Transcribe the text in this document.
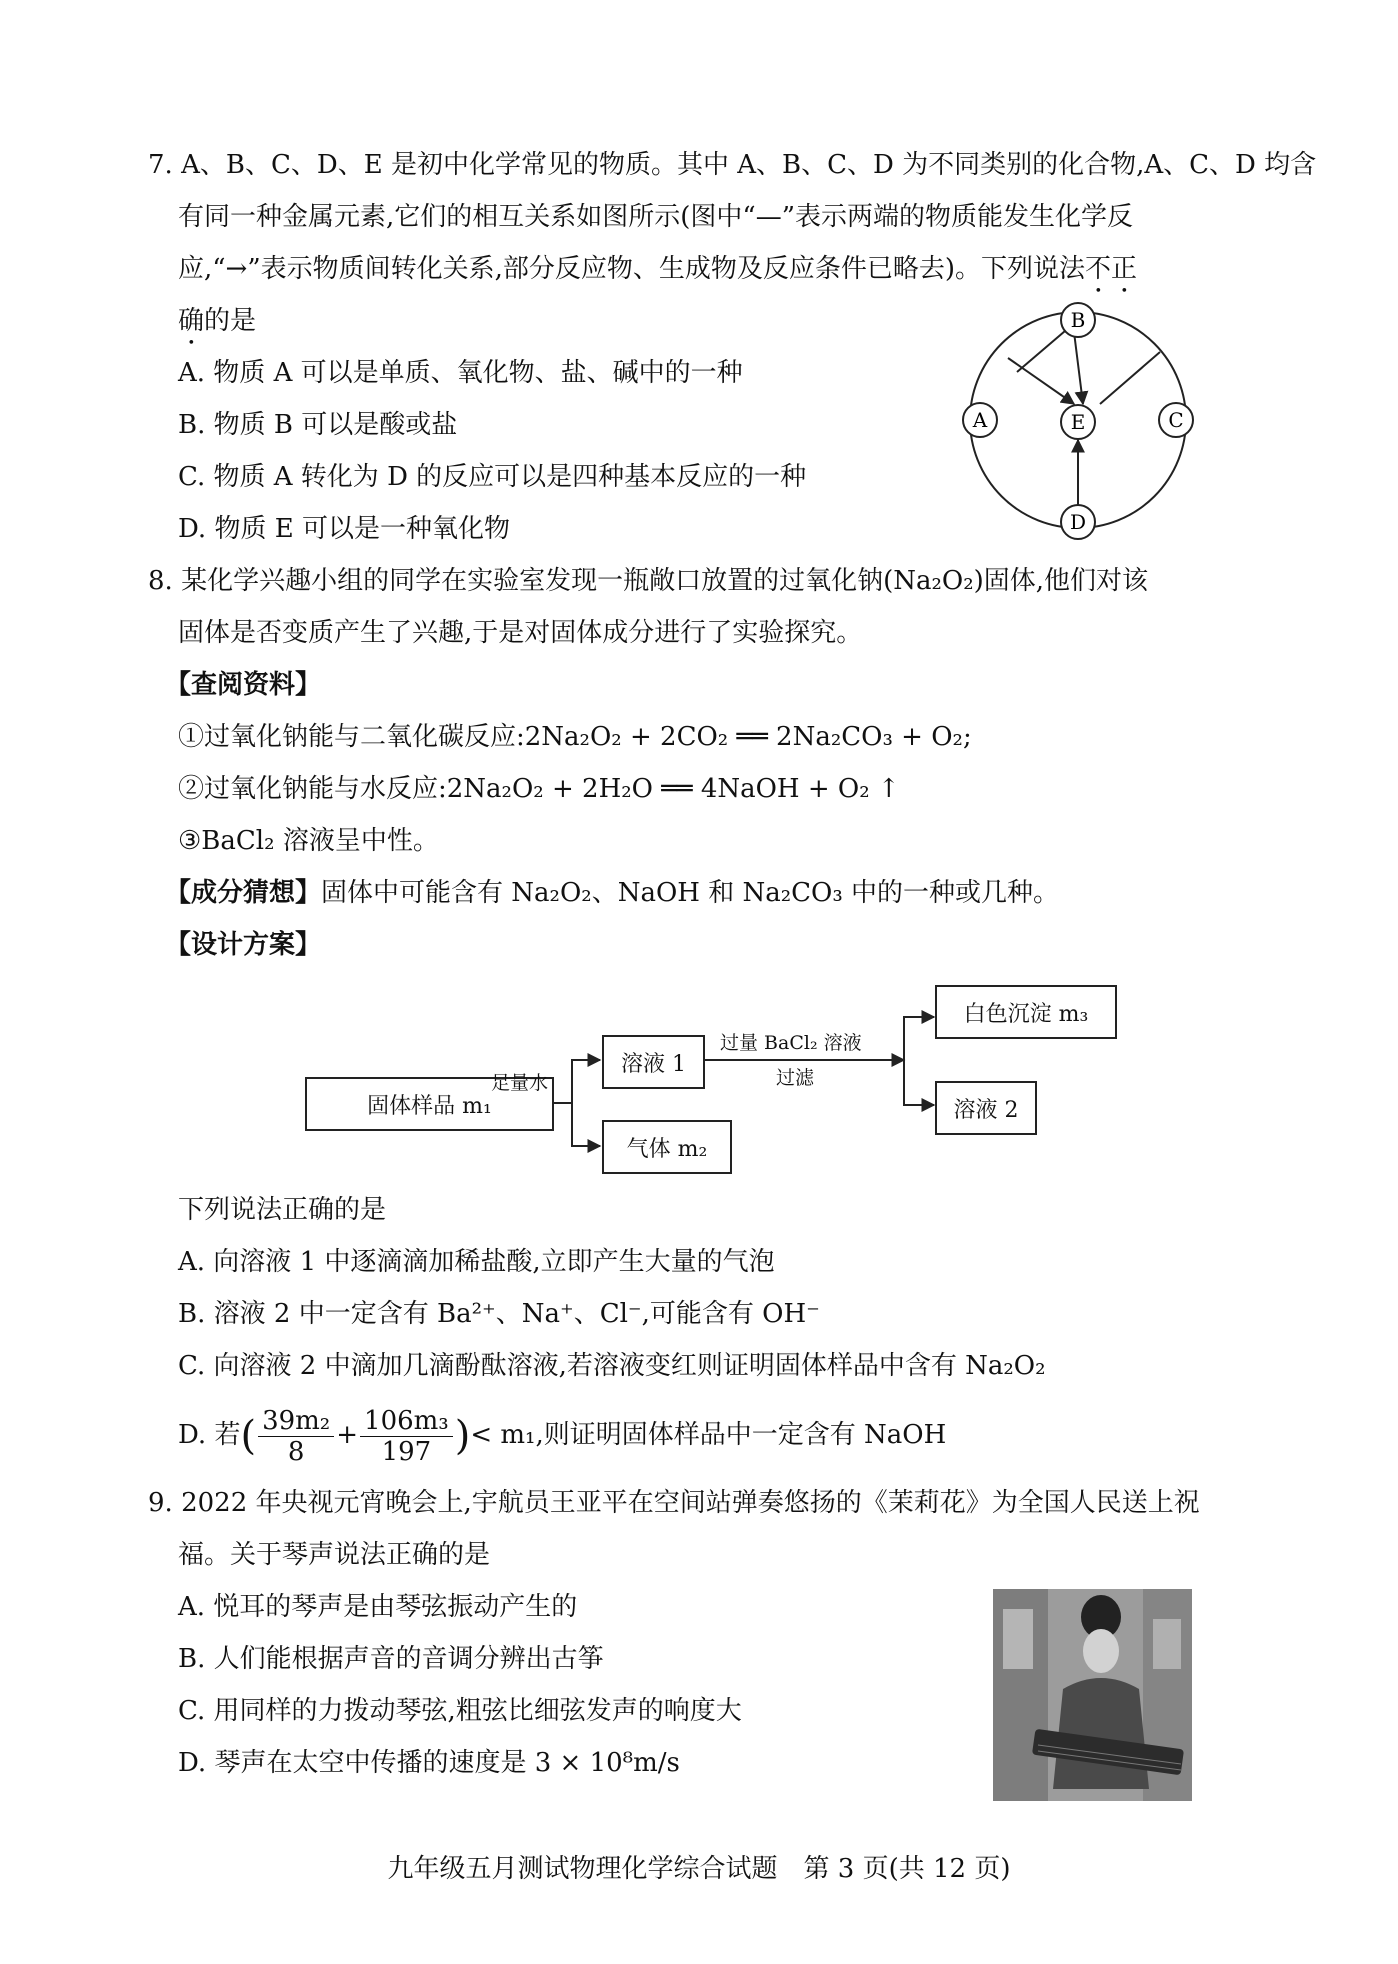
7. A、B、C、D、E 是初中化学常见的物质。其中 A、B、C、D 为不同类别的化合物,A、C、D 均含
有同一种金属元素,它们的相互关系如图所示(图中“—”表示两端的物质能发生化学反
应,“→”表示物质间转化关系,部分反应物、生成物及反应条件已略去)。下列说法不正
确的是
A. 物质 A 可以是单质、氧化物、盐、碱中的一种
B. 物质 B 可以是酸或盐
C. 物质 A 转化为 D 的反应可以是四种基本反应的一种
D. 物质 E 可以是一种氧化物
B
A	C
E
D
8. 某化学兴趣小组的同学在实验室发现一瓶敞口放置的过氧化钠(Na₂O₂)固体,他们对该
固体是否变质产生了兴趣,于是对固体成分进行了实验探究。
【查阅资料】
①过氧化钠能与二氧化碳反应:2Na₂O₂ + 2CO₂ ══ 2Na₂CO₃ + O₂;
②过氧化钠能与水反应:2Na₂O₂ + 2H₂O ══ 4NaOH + O₂ ↑
③BaCl₂ 溶液呈中性。
【成分猜想】固体中可能含有 Na₂O₂、NaOH 和 Na₂CO₃ 中的一种或几种。
【设计方案】
固体样品 m₁
足量水
溶液 1
气体 m₂
过量 BaCl₂ 溶液
过滤
白色沉淀 m₃
溶液 2
下列说法正确的是
A. 向溶液 1 中逐滴滴加稀盐酸,立即产生大量的气泡
B. 溶液 2 中一定含有 Ba²⁺、Na⁺、Cl⁻,可能含有 OH⁻
C. 向溶液 2 中滴加几滴酚酞溶液,若溶液变红则证明固体样品中含有 Na₂O₂
D. 若( $\frac{\text{39m₂}}{8} + \frac{\text{106m₃}}{197}$ )< m₁,则证明固体样品中一定含有 NaOH
9. 2022 年央视元宵晚会上,宇航员王亚平在空间站弹奏悠扬的《茉莉花》为全国人民送上祝
福。关于琴声说法正确的是
A. 悦耳的琴声是由琴弦振动产生的
B. 人们能根据声音的音调分辨出古筝
C. 用同样的力拨动琴弦,粗弦比细弦发声的响度大
D. 琴声在太空中传播的速度是 3 × 10⁸m/s
九年级五月测试物理化学综合试题　第 3 页(共 12 页)
